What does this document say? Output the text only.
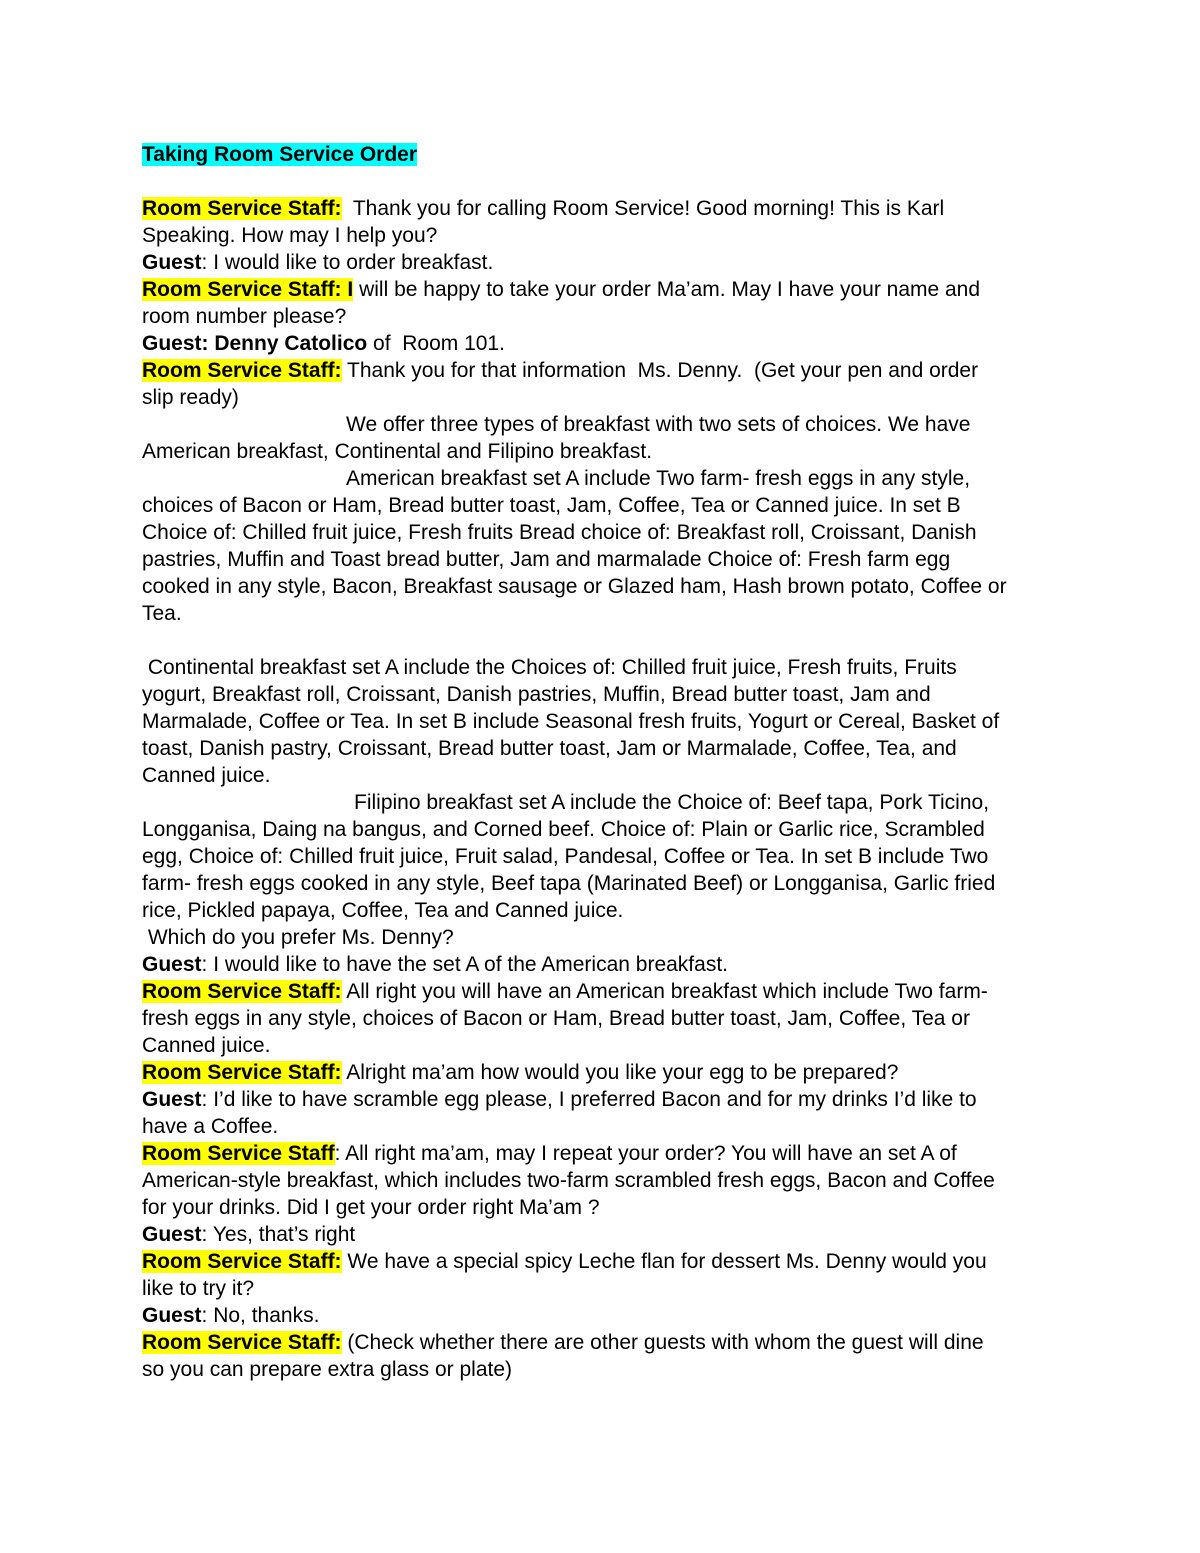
Taking Room Service Order

Room Service Staff:  Thank you for calling Room Service! Good morning! This is Karl

Speaking. How may I help you?

Guest: I would like to order breakfast.

Room Service Staff: I will be happy to take your order Ma’am. May I have your name and

room number please?

Guest: Denny Catolico of  Room 101.

Room Service Staff: Thank you for that information  Ms. Denny.  (Get your pen and order

slip ready)

We offer three types of breakfast with two sets of choices. We have

American breakfast, Continental and Filipino breakfast.

American breakfast set A include Two farm- fresh eggs in any style,

choices of Bacon or Ham, Bread butter toast, Jam, Coffee, Tea or Canned juice. In set B

Choice of: Chilled fruit juice, Fresh fruits Bread choice of: Breakfast roll, Croissant, Danish

pastries, Muffin and Toast bread butter, Jam and marmalade Choice of: Fresh farm egg

cooked in any style, Bacon, Breakfast sausage or Glazed ham, Hash brown potato, Coffee or

Tea.

Continental breakfast set A include the Choices of: Chilled fruit juice, Fresh fruits, Fruits

yogurt, Breakfast roll, Croissant, Danish pastries, Muffin, Bread butter toast, Jam and

Marmalade, Coffee or Tea. In set B include Seasonal fresh fruits, Yogurt or Cereal, Basket of

toast, Danish pastry, Croissant, Bread butter toast, Jam or Marmalade, Coffee, Tea, and

Canned juice.

Filipino breakfast set A include the Choice of: Beef tapa, Pork Ticino,

Longganisa, Daing na bangus, and Corned beef. Choice of: Plain or Garlic rice, Scrambled

egg, Choice of: Chilled fruit juice, Fruit salad, Pandesal, Coffee or Tea. In set B include Two

farm- fresh eggs cooked in any style, Beef tapa (Marinated Beef) or Longganisa, Garlic fried

rice, Pickled papaya, Coffee, Tea and Canned juice.

Which do you prefer Ms. Denny?

Guest: I would like to have the set A of the American breakfast.

Room Service Staff: All right you will have an American breakfast which include Two farm-

fresh eggs in any style, choices of Bacon or Ham, Bread butter toast, Jam, Coffee, Tea or

Canned juice.

Room Service Staff: Alright ma’am how would you like your egg to be prepared?

Guest: I’d like to have scramble egg please, I preferred Bacon and for my drinks I’d like to

have a Coffee.

Room Service Staff: All right ma’am, may I repeat your order? You will have an set A of

American-style breakfast, which includes two-farm scrambled fresh eggs, Bacon and Coffee

for your drinks. Did I get your order right Ma’am ?

Guest: Yes, that’s right

Room Service Staff: We have a special spicy Leche flan for dessert Ms. Denny would you

like to try it?

Guest: No, thanks.

Room Service Staff: (Check whether there are other guests with whom the guest will dine

so you can prepare extra glass or plate)
